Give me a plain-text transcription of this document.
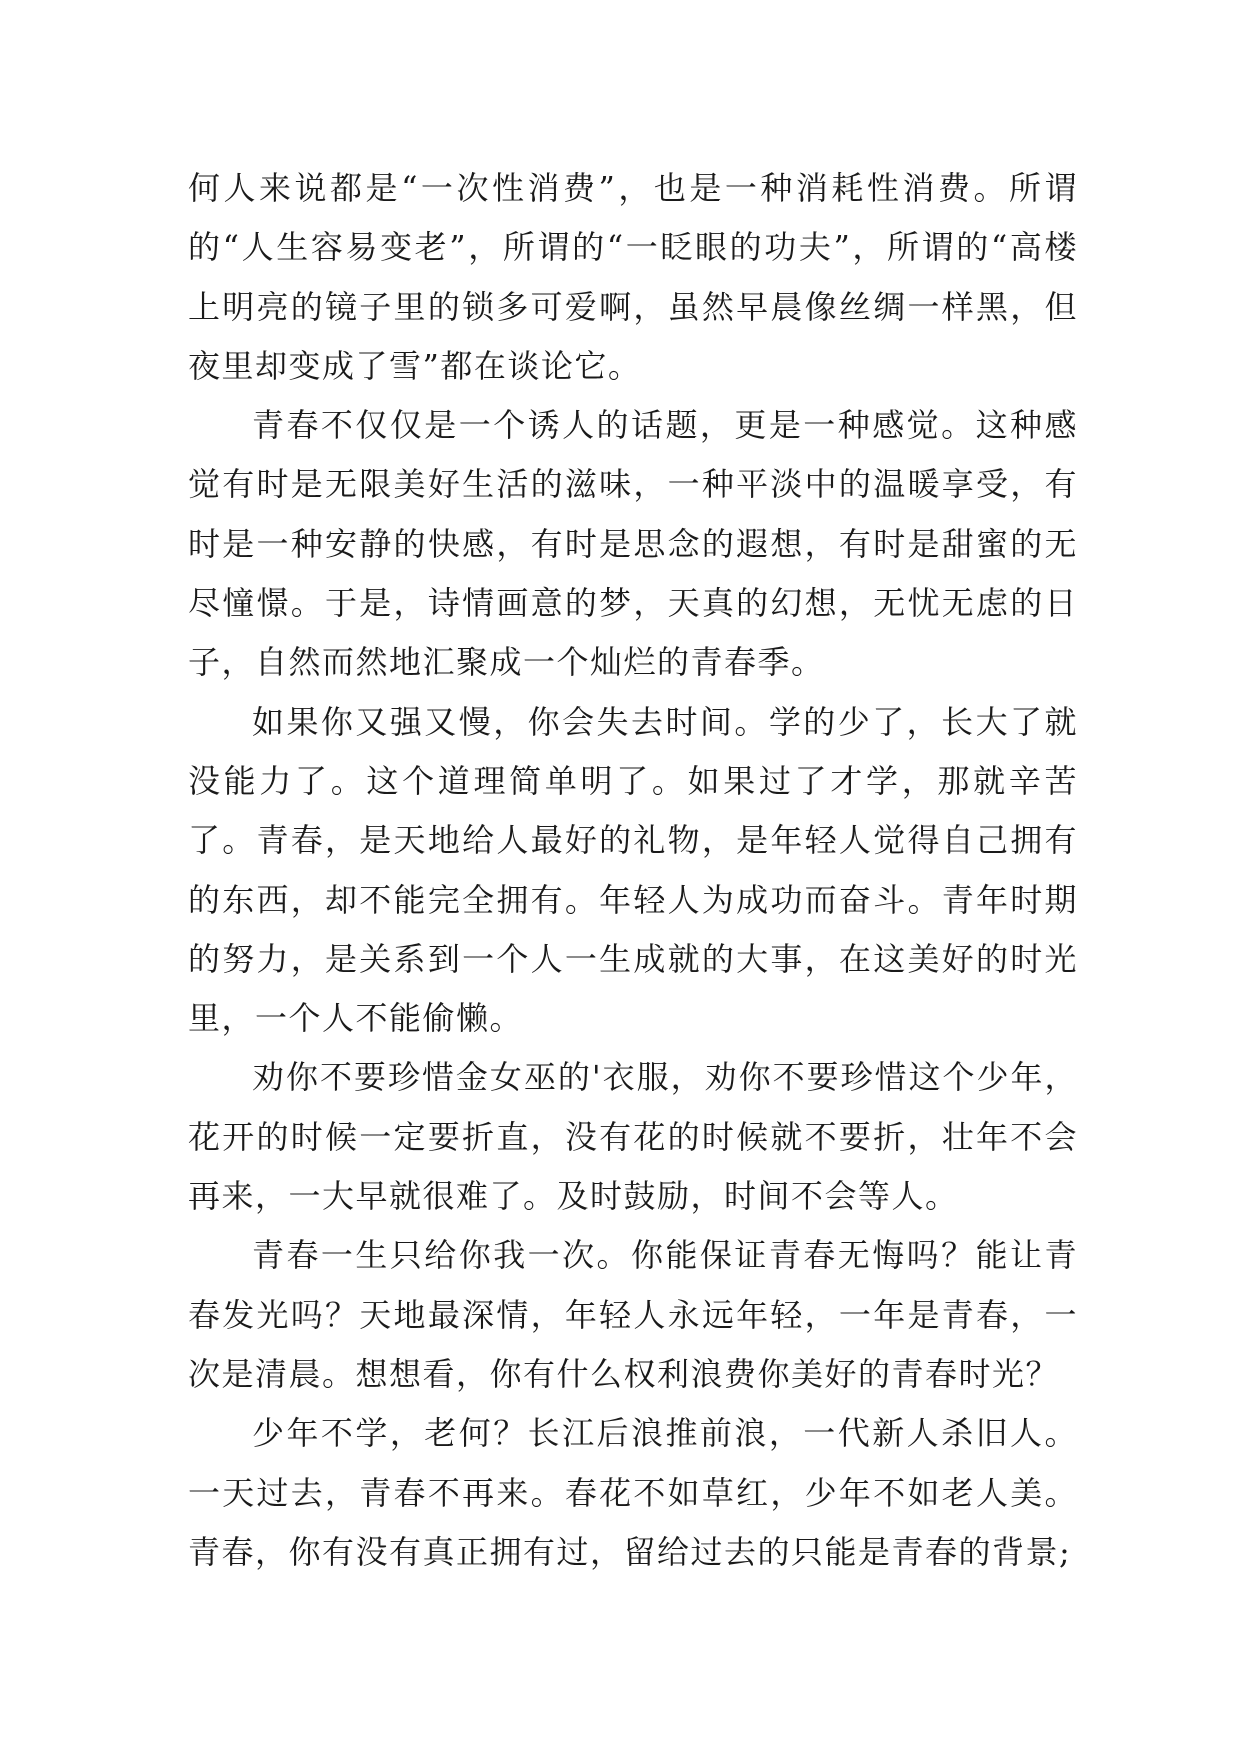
何人来说都是“一次性消费”，也是一种消耗性消费。所谓的“人生容易变老”，所谓的“一眨眼的功夫”，所谓的“高楼上明亮的镜子里的锁多可爱啊，虽然早晨像丝绸一样黑，但夜里却变成了雪”都在谈论它。

青春不仅仅是一个诱人的话题，更是一种感觉。这种感觉有时是无限美好生活的滋味，一种平淡中的温暖享受，有时是一种安静的快感，有时是思念的遐想，有时是甜蜜的无尽憧憬。于是，诗情画意的梦，天真的幻想，无忧无虑的日子，自然而然地汇聚成一个灿烂的青春季。

如果你又强又慢，你会失去时间。学的少了，长大了就没能力了。这个道理简单明了。如果过了才学，那就辛苦了。青春，是天地给人最好的礼物，是年轻人觉得自己拥有的东西，却不能完全拥有。年轻人为成功而奋斗。青年时期的努力，是关系到一个人一生成就的大事，在这美好的时光里，一个人不能偷懒。

劝你不要珍惜金女巫的'衣服，劝你不要珍惜这个少年，花开的时候一定要折直，没有花的时候就不要折，壮年不会再来，一大早就很难了。及时鼓励，时间不会等人。

青春一生只给你我一次。你能保证青春无悔吗？能让青春发光吗？天地最深情，年轻人永远年轻，一年是青春，一次是清晨。想想看，你有什么权利浪费你美好的青春时光？

少年不学，老何？长江后浪推前浪，一代新人杀旧人。一天过去，青春不再来。春花不如草红，少年不如老人美。青春，你有没有真正拥有过，留给过去的只能是青春的背景;
